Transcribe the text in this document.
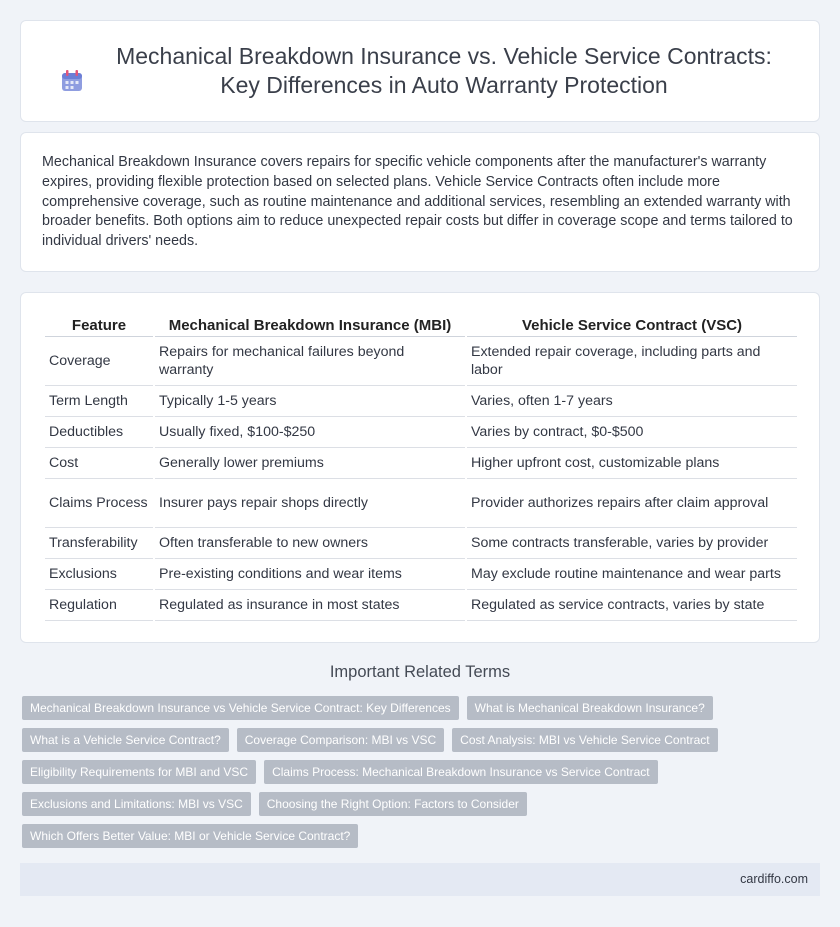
Mechanical Breakdown Insurance vs. Vehicle Service Contracts: Key Differences in Auto Warranty Protection

Mechanical Breakdown Insurance covers repairs for specific vehicle components after the manufacturer's warranty expires, providing flexible protection based on selected plans. Vehicle Service Contracts often include more comprehensive coverage, such as routine maintenance and additional services, resembling an extended warranty with broader benefits. Both options aim to reduce unexpected repair costs but differ in coverage scope and terms tailored to individual drivers' needs.

Feature	Mechanical Breakdown Insurance (MBI)	Vehicle Service Contract (VSC)
Coverage	Repairs for mechanical failures beyond warranty	Extended repair coverage, including parts and labor
Term Length	Typically 1-5 years	Varies, often 1-7 years
Deductibles	Usually fixed, $100-$250	Varies by contract, $0-$500
Cost	Generally lower premiums	Higher upfront cost, customizable plans
Claims Process	Insurer pays repair shops directly	Provider authorizes repairs after claim approval
Transferability	Often transferable to new owners	Some contracts transferable, varies by provider
Exclusions	Pre-existing conditions and wear items	May exclude routine maintenance and wear parts
Regulation	Regulated as insurance in most states	Regulated as service contracts, varies by state
Important Related Terms
Mechanical Breakdown Insurance vs Vehicle Service Contract: Key Differences	What is Mechanical Breakdown Insurance?
What is a Vehicle Service Contract?	Coverage Comparison: MBI vs VSC	Cost Analysis: MBI vs Vehicle Service Contract
Eligibility Requirements for MBI and VSC	Claims Process: Mechanical Breakdown Insurance vs Service Contract
Exclusions and Limitations: MBI vs VSC	Choosing the Right Option: Factors to Consider
Which Offers Better Value: MBI or Vehicle Service Contract?
cardiffo.com
